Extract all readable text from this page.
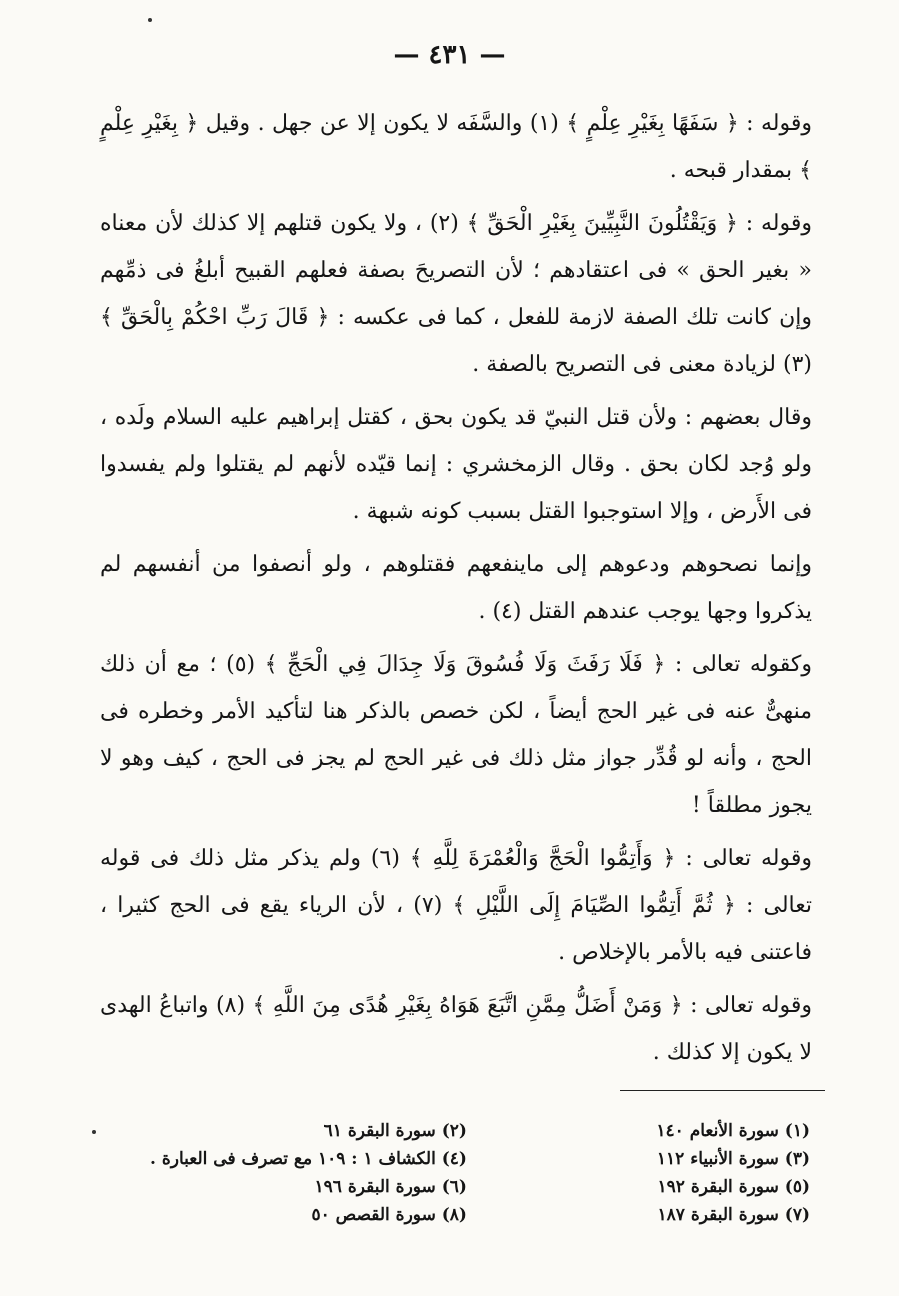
— ٤٣١ —

وقوله : ﴿ سَفَهًا بِغَيْرِ عِلْمٍ ﴾ (١) والسَّفَه لا يكون إلا عن جهل . وقيل ﴿ بِغَيْرِ عِلْمٍ ﴾ بمقدار قبحه .

وقوله : ﴿ وَيَقْتُلُونَ النَّبِيِّينَ بِغَيْرِ الْحَقِّ ﴾ (٢) ، ولا يكون قتلهم إلا كذلك لأن معناه « بغير الحق » فى اعتقادهم ؛ لأن التصريحَ بصفة فعلهم القبيح أبلغُ فى ذمِّهم وإن كانت تلك الصفة لازمة للفعل ، كما فى عكسه : ﴿ قَالَ رَبِّ احْكُمْ بِالْحَقِّ ﴾ (٣) لزيادة معنى فى التصريح بالصفة .

وقال بعضهم : ولأن قتل النبيّ قد يكون بحق ، كقتل إبراهيم عليه السلام ولَده ، ولو وُجد لكان بحق . وقال الزمخشري : إنما قيّده لأنهم لم يقتلوا ولم يفسدوا فى الأَرض ، وإلا استوجبوا القتل بسبب كونه شبهة .

وإنما نصحوهم ودعوهم إلى ماينفعهم فقتلوهم ، ولو أنصفوا من أنفسهم لم يذكروا وجها يوجب عندهم القتل (٤) .

وكقوله تعالى : ﴿ فَلَا رَفَثَ وَلَا فُسُوقَ وَلَا جِدَالَ فِي الْحَجِّ ﴾ (٥) ؛ مع أن ذلك منهىٌّ عنه فى غير الحج أيضاً ، لكن خصص بالذكر هنا لتأكيد الأمر وخطره فى الحج ، وأنه لو قُدِّر جواز مثل ذلك فى غير الحج لم يجز فى الحج ، كيف وهو لا يجوز مطلقاً !

وقوله تعالى : ﴿ وَأَتِمُّوا الْحَجَّ وَالْعُمْرَةَ لِلَّهِ ﴾ (٦) ولم يذكر مثل ذلك فى قوله تعالى : ﴿ ثُمَّ أَتِمُّوا الصِّيَامَ إِلَى اللَّيْلِ ﴾ (٧) ، لأن الرياء يقع فى الحج كثيرا ، فاعتنى فيه بالأمر بالإخلاص .

وقوله تعالى : ﴿ وَمَنْ أَضَلُّ مِمَّنِ اتَّبَعَ هَوَاهُ بِغَيْرِ هُدًى مِنَ اللَّهِ ﴾ (٨) واتباعُ الهدى لا يكون إلا كذلك .

(١) سورة الأنعام ١٤٠
(٢) سورة البقرة ٦١
(٣) سورة الأنبياء ١١٢
(٤) الكشاف ١ : ١٠٩ مع تصرف فى العبارة .
(٥) سورة البقرة ١٩٢
(٦) سورة البقرة ١٩٦
(٧) سورة البقرة ١٨٧
(٨) سورة القصص ٥٠
